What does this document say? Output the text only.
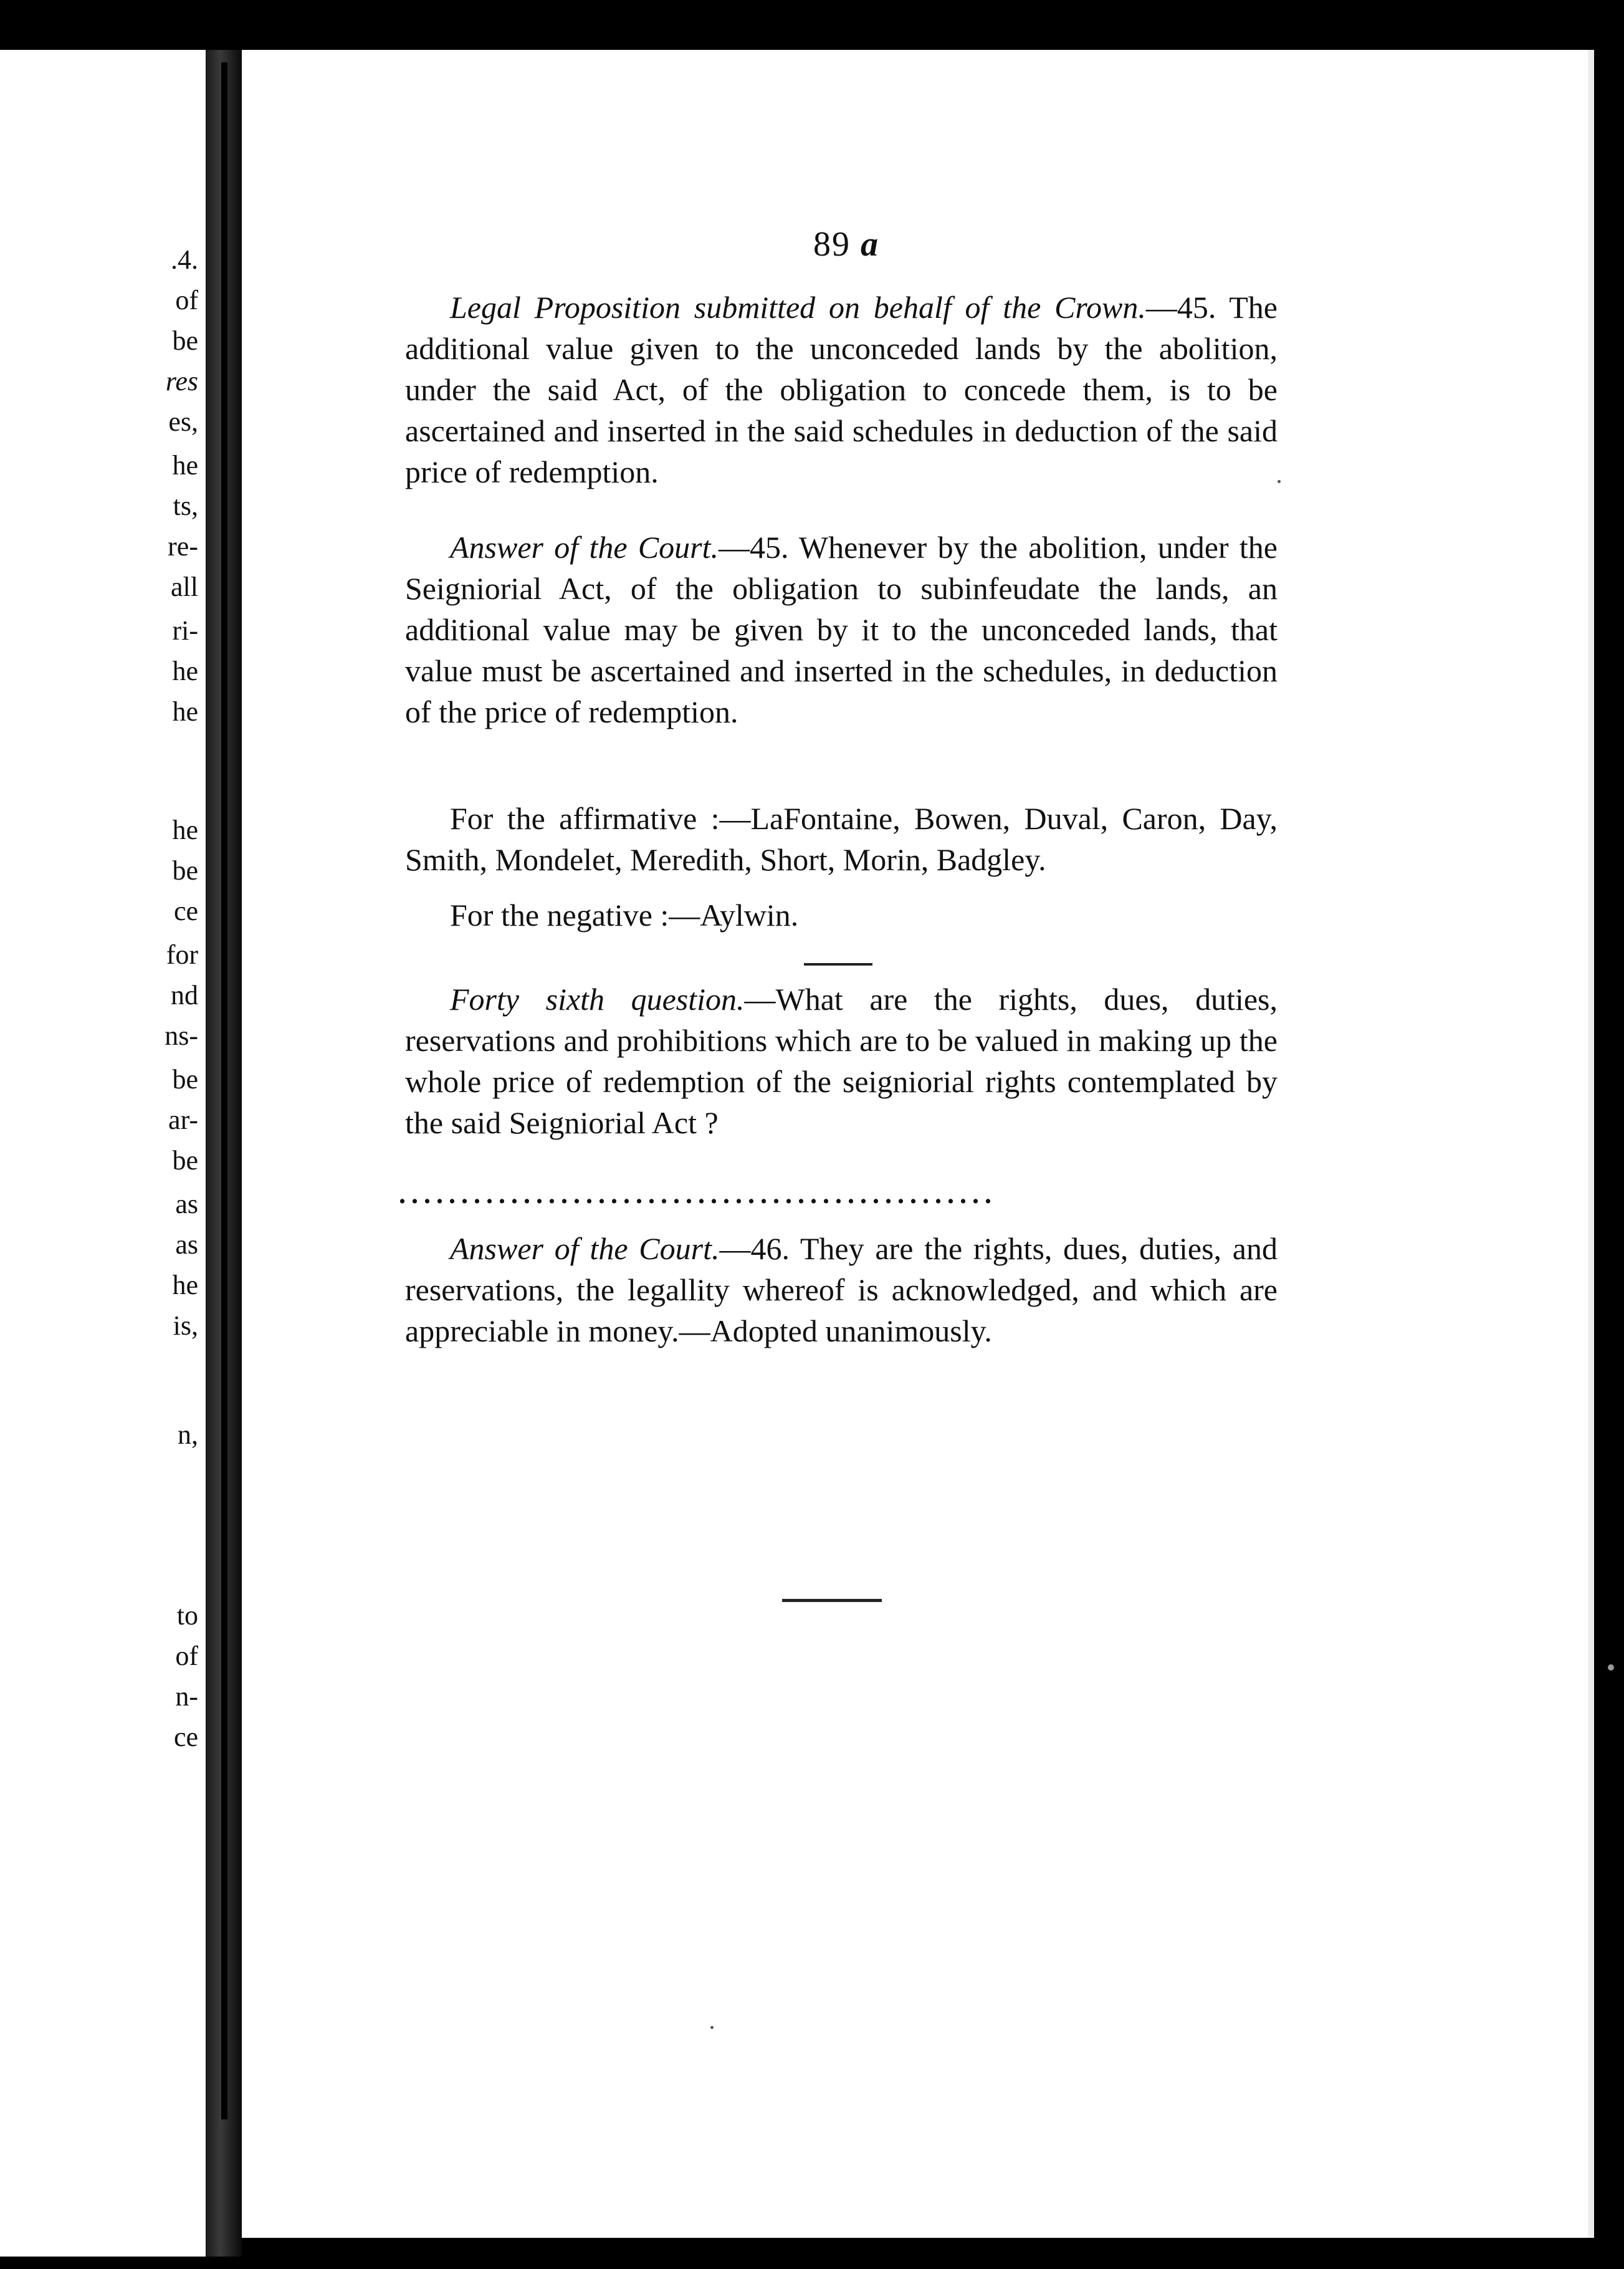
.4.
of
be
res
es,
he
ts,
re-
all
ri-
he
he
he
be
ce
for
nd
ns-
be
ar-
be
as
as
he
is,
n,
to
of
n-
ce
89 a
Legal Proposition submitted on behalf of the Crown.—45. The additional value given to the unconceded lands by the abolition, under the said Act, of the obligation to concede them, is to be ascertained and inserted in the said schedules in deduction of the said price of redemption.
Answer of the Court.—45. Whenever by the abolition, under the Seigniorial Act, of the obligation to subinfeudate the lands, an additional value may be given by it to the unconceded lands, that value must be ascertained and inserted in the schedules, in deduction of the price of redemption.
For the affirmative :—LaFontaine, Bowen, Duval, Caron, Day, Smith, Mondelet, Meredith, Short, Morin, Badgley.
For the negative :—Aylwin.
Forty sixth question.—What are the rights, dues, duties, reservations and prohibitions which are to be valued in making up the whole price of redemption of the seigniorial rights contemplated by the said Seigniorial Act ?
................................................
Answer of the Court.—46. They are the rights, dues, duties, and reservations, the legallity whereof is acknowledged, and which are appreciable in money.—Adopted unanimously.
